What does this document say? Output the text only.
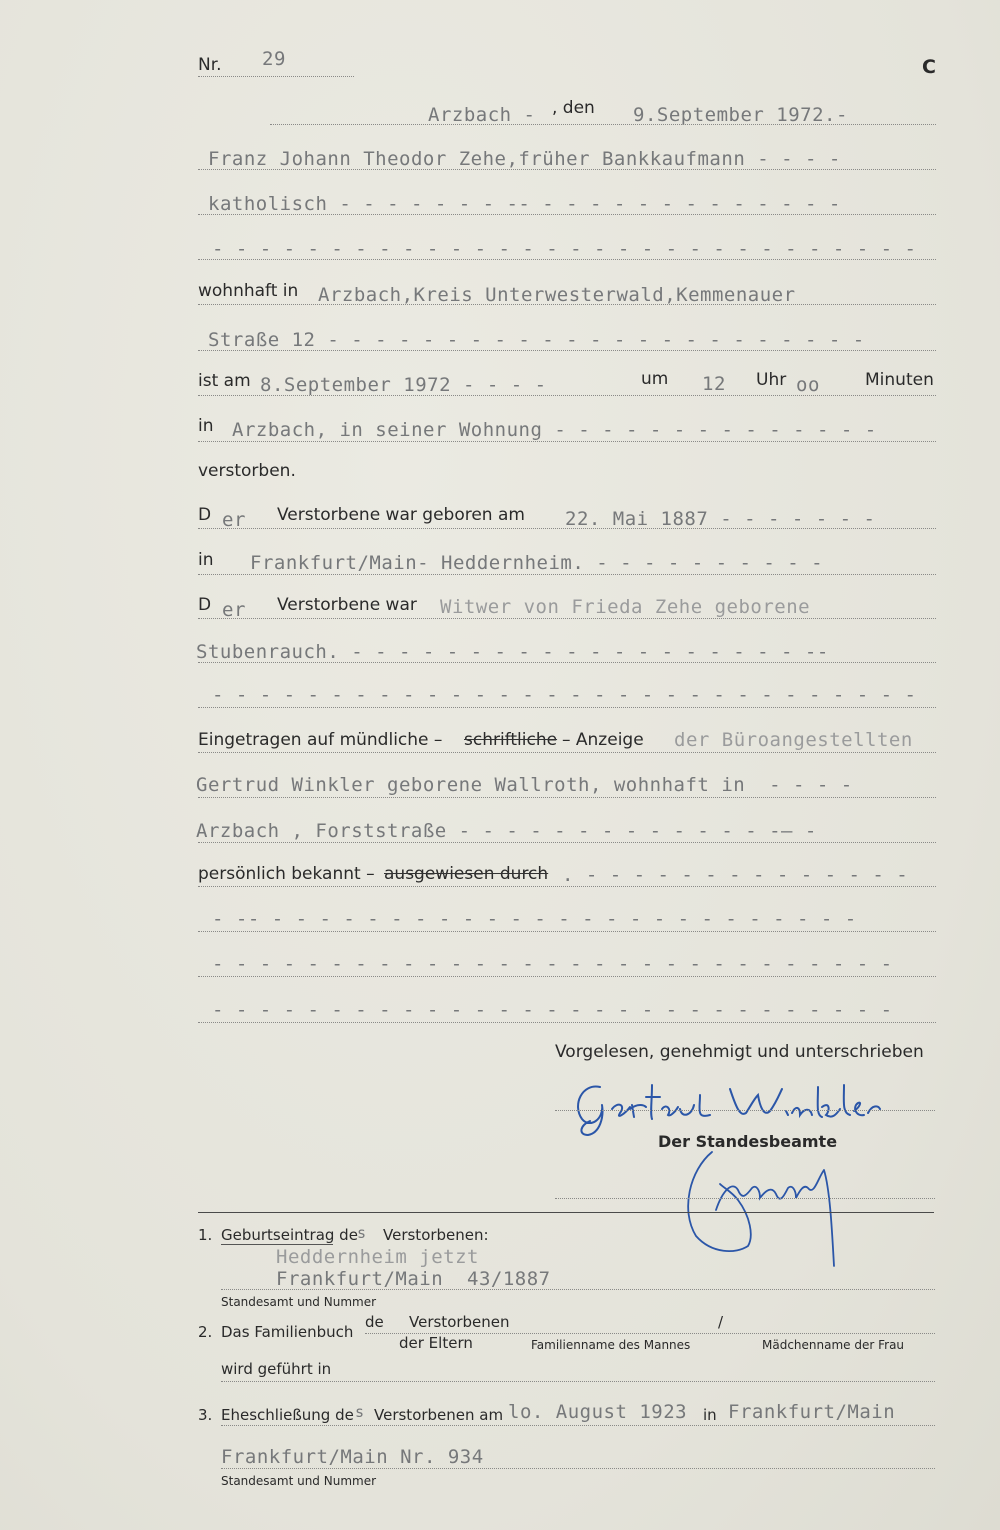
Nr. 29	C
Arzbach - , den 9.September 1972.-
Franz Johann Theodor Zehe,früher Bankkaufmann - - - -
katholisch - - - - - - - -- - - - - - - - - - - - - -
- - - - - - - - - - - - - - - - - - - - - - - - - - - - - -
wohnhaft in Arzbach,Kreis Unterwesterwald,Kemmenauer
Straße 12 - - - - - - - - - - - - - - - - - - - - - - -
ist am 8.September 1972 - - - -	um 12 Uhr oo	Minuten
in Arzbach, in seiner Wohnung - - - - - - - - - - - - - -
verstorben.
D er Verstorbene war geboren am 22. Mai 1887 - - - - - - -
in Frankfurt/Main- Heddernheim. - - - - - - - - - -
D er Verstorbene war Witwer von Frieda Zehe geborene
Stubenrauch. - - - - - - - - - - - - - - - - - - - --
- - - - - - - - - - - - - - - - - - - - - - - - - - - - - -
Eingetragen auf mündliche – schriftliche – Anzeige der Büroangestellten
Gertrud Winkler geborene Wallroth, wohnhaft in  - - - -
Arzbach , Forststraße - - - - - - - - - - - - - -— -
persönlich bekannt – ausgewiesen durch . - - - - - - - - - - - - - -
- -- - - - - - - - - - - - - - - - - - - - - - - - - -
- - - - - - - - - - - - - - - - - - - - - - - - - - - - -
- - - - - - - - - - - - - - - - - - - - - - - - - - - - -
Vorgelesen, genehmigt und unterschrieben
Der Standesbeamte
1. Geburtseintrag de s Verstorbenen:
Heddernheim jetzt
Frankfurt/Main  43/1887
Standesamt und Nummer
2. Das Familienbuch
de Verstorbenen	/
der Eltern	Familienname des Mannes	Mädchenname der Frau
wird geführt in
3. Eheschließung de s Verstorbenen am lo. August 1923 in Frankfurt/Main
Frankfurt/Main Nr. 934
Standesamt und Nummer
